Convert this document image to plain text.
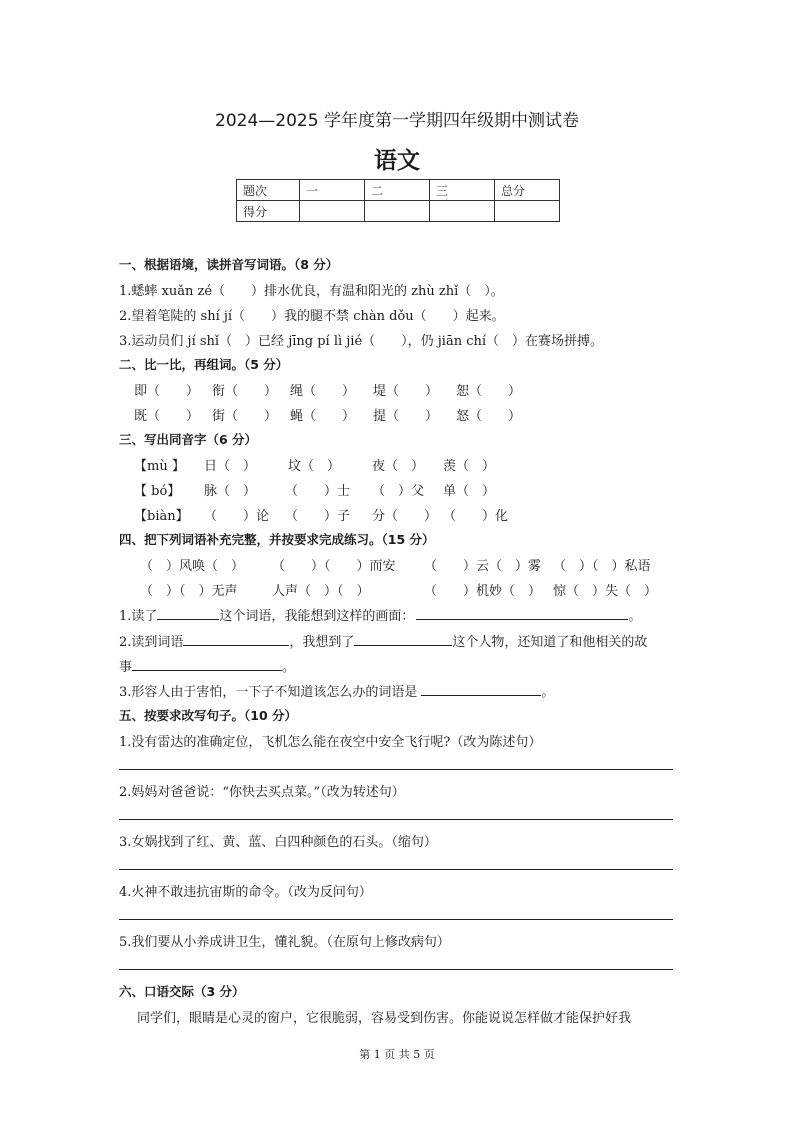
2024—2025 学年度第一学期四年级期中测试卷
语文
题次	一	二	三	总分
得分				
一、根据语境，读拼音写词语。（8 分）
1.蟋蟀 xuǎn zé（　　）排水优良，有温和阳光的 zhù zhǐ（　）。
2.望着笔陡的 shí jí（　　）我的腿不禁 chàn dǒu（　　）起来。
3.运动员们 jí shǐ（　）已经 jīng pí lì jié（　　），仍 jiān chí（　）在赛场拼搏。
二、比一比，再组词。（5 分）
即（　　） 衔（　　） 绳（　　） 堤（　　） 恕（　　）
既（　　） 街（　　） 蝇（　　） 提（　　） 怒（　　）
三、写出同音字（6 分）
【mù 】 日（　） 坟（　） 夜（　） 羡（　）
【 bó】 脉（　） （　　）士 （　）父 单（　）
【biàn】 （　　）论 （　　）子 分（　　） （　　）化
四、把下列词语补充完整，并按要求完成练习。（15 分）
（　）风唤（　） （　　）（　　）而安 （　　）云（　）雾 （　）（　）私语
（　）（　）无声	人声（　）（　）	（　　）机妙（　） 惊（　）失（　）
1.读了	这个词语，我能想到这样的画面：	。
2.读到词语	，我想到了	这个人物，还知道了和他相关的故
事	。
3.形容人由于害怕，一下子不知道该怎么办的词语是	。
五、按要求改写句子。（10 分）
1.没有雷达的准确定位，飞机怎么能在夜空中安全飞行呢?（改为陈述句）
2.妈妈对爸爸说：“你快去买点菜。”（改为转述句）
3.女娲找到了红、黄、蓝、白四种颜色的石头。（缩句）
4.火神不敢违抗宙斯的命令。（改为反问句）
5.我们要从小养成讲卫生，懂礼貌。（在原句上修改病句）
六、口语交际（3 分）
同学们，眼睛是心灵的窗户，它很脆弱，容易受到伤害。你能说说怎样做才能保护好我
第 1 页 共 5 页
